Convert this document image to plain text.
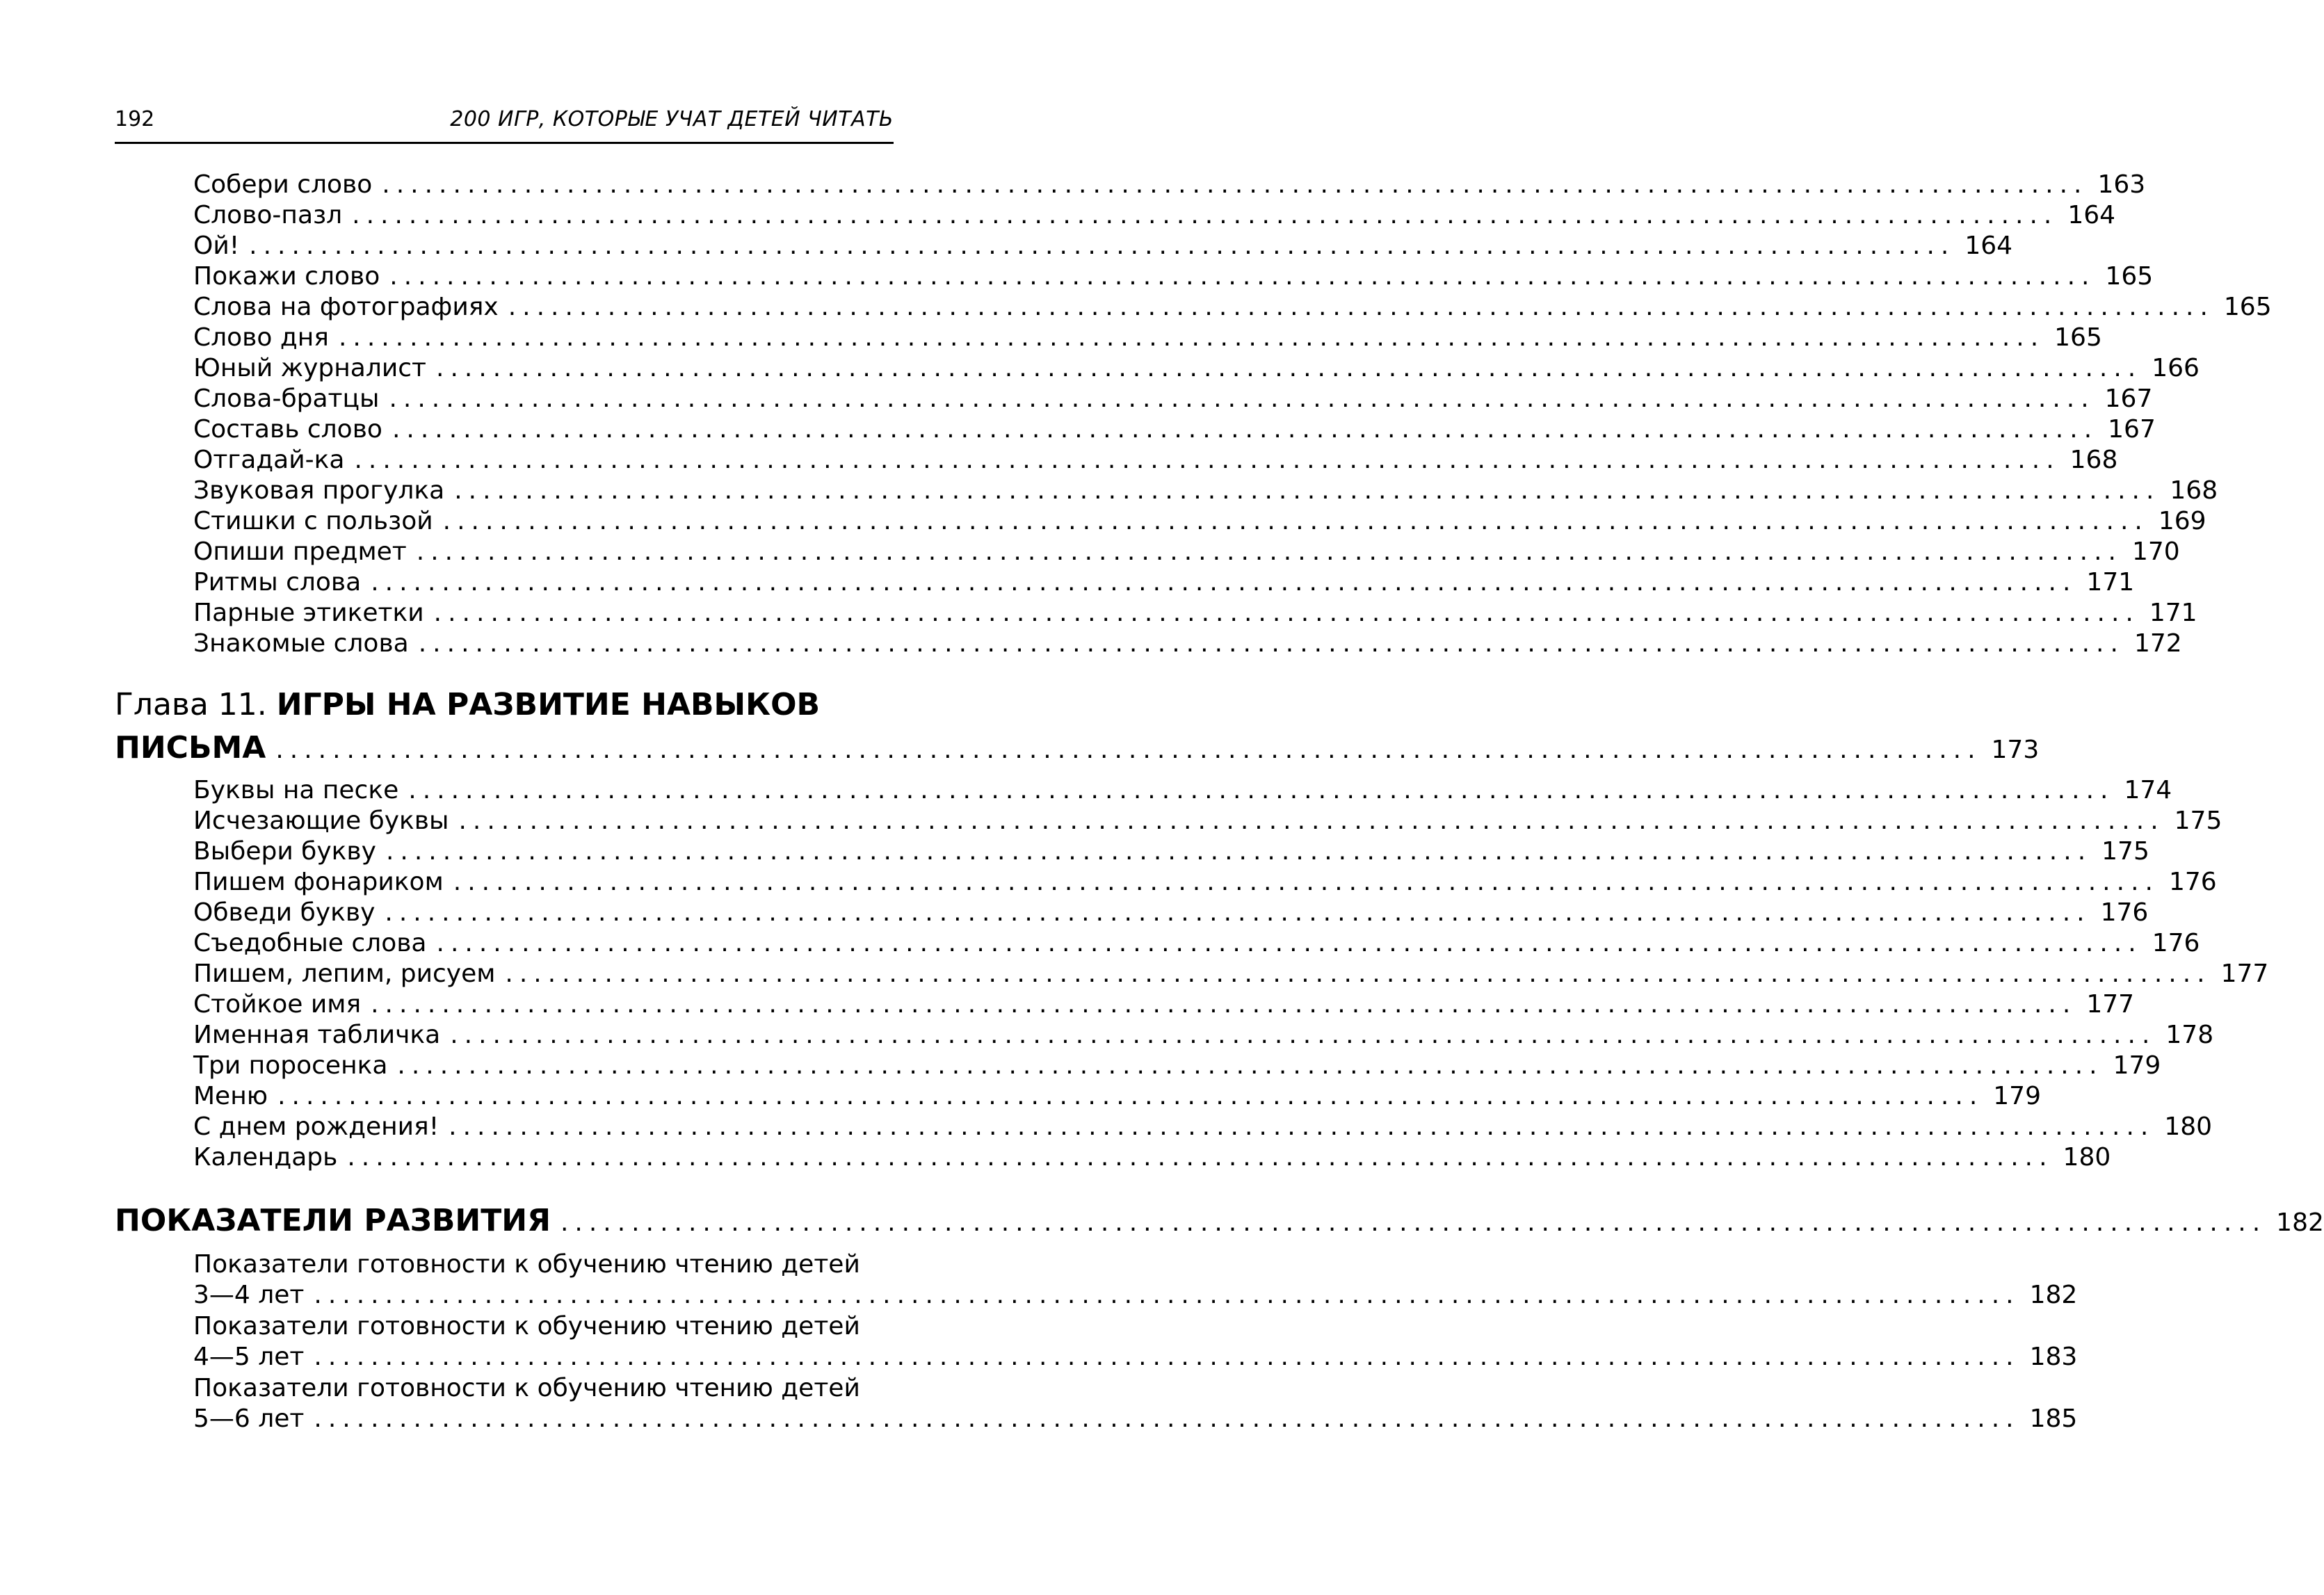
192	200 ИГР, КОТОРЫЕ УЧАТ ДЕТЕЙ ЧИТАТЬ
Собери слово ........................................................................................................................ 163
Слово-пазл ........................................................................................................................ 164
Ой! ........................................................................................................................ 164
Покажи слово ........................................................................................................................ 165
Слова на фотографиях ........................................................................................................................ 165
Слово дня ........................................................................................................................ 165
Юный журналист ........................................................................................................................ 166
Слова-братцы ........................................................................................................................ 167
Составь слово ........................................................................................................................ 167
Отгадай-ка ........................................................................................................................ 168
Звуковая прогулка ........................................................................................................................ 168
Стишки с пользой ........................................................................................................................ 169
Опиши предмет ........................................................................................................................ 170
Ритмы слова ........................................................................................................................ 171
Парные этикетки ........................................................................................................................ 171
Знакомые слова ........................................................................................................................ 172
Глава 11. ИГРЫ НА РАЗВИТИЕ НАВЫКОВ
ПИСЬМА ........................................................................................................................ 173
Буквы на песке ........................................................................................................................ 174
Исчезающие буквы ........................................................................................................................ 175
Выбери букву ........................................................................................................................ 175
Пишем фонариком ........................................................................................................................ 176
Обведи букву ........................................................................................................................ 176
Съедобные слова ........................................................................................................................ 176
Пишем, лепим, рисуем ........................................................................................................................ 177
Стойкое имя ........................................................................................................................ 177
Именная табличка ........................................................................................................................ 178
Три поросенка ........................................................................................................................ 179
Меню ........................................................................................................................ 179
С днем рождения! ........................................................................................................................ 180
Календарь ........................................................................................................................ 180
ПОКАЗАТЕЛИ РАЗВИТИЯ ........................................................................................................................ 182
Показатели готовности к обучению чтению детей
3—4 лет ........................................................................................................................ 182
Показатели готовности к обучению чтению детей
4—5 лет ........................................................................................................................ 183
Показатели готовности к обучению чтению детей
5—6 лет ........................................................................................................................ 185
